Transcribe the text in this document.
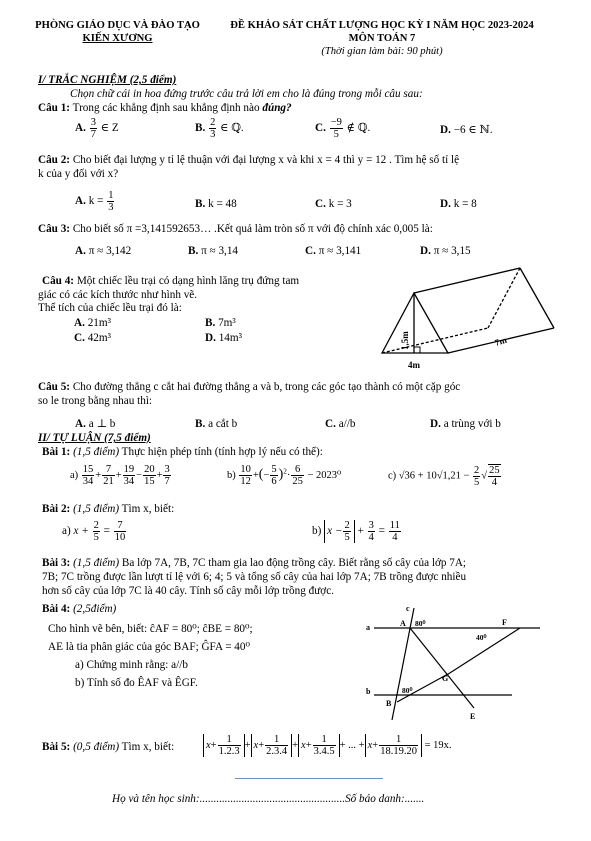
PHÒNG GIÁO DỤC VÀ ĐÀO TẠO
KIẾN XƯƠNG
ĐỀ KHẢO SÁT CHẤT LƯỢNG HỌC KỲ I NĂM HỌC 2023-2024
MÔN TOÁN 7
(Thời gian làm bài: 90 phút)
I/ TRẮC NGHIỆM (2,5 điểm)
Chọn chữ cái in hoa đứng trước câu trả lời em cho là đúng trong mỗi câu sau:
Câu 1: Trong các khẳng định sau khẳng định nào đúng?
A. $\frac{3}{7}$ ∈ Z	B. $\frac{2}{3}$ ∈ ℚ.	C. $\frac{-9}{5}$ ∉ ℚ.	D. −6 ∈ ℕ.
Câu 2: Cho biết đại lượng y tỉ lệ thuận với đại lượng x và khi x = 4 thì y = 12 . Tìm hệ số tỉ lệ
k của y đối với x?
A. $k = \frac{1}{3}$	B. k = 48	C. k = 3	D. k = 8
Câu 3: Cho biết số π =3,141592653… .Kết quả làm tròn số π với độ chính xác 0,005 là:
A. π ≈ 3,142	B. π ≈ 3,14	C. π ≈ 3,141	D. π ≈ 3,15
Câu 4: Một chiếc lều trại có dạng hình lăng trụ đứng tam
giác có các kích thước như hình vẽ.
Thể tích của chiếc lều trại đó là:
A. 21m³	B. 7m³
C. 42m³	D. 14m³	1,5m
4m
7m
Câu 5: Cho đường thẳng c cắt hai đường thẳng a và b, trong các góc tạo thành có một cặp góc
so le trong bằng nhau thì:
A. a ⊥ b	B. a cắt b	C. a//b	D. a trùng với b
II/ TỰ LUẬN (7,5 điểm)
Bài 1: (1,5 điểm) Thực hiện phép tính (tính hợp lý nếu có thể):
$a) \frac{15}{34} + \frac{7}{21} + \frac{19}{34} - \frac{20}{15} + \frac{3}{7}$	$b) \frac{10}{12}$ +(− $\frac{5}{6} )^2\cdot \frac{6}{25} - 2023^0$	c) $√36 + 10√1,21 - \frac{2}{5}$ √ $\frac{25}{4}$
Bài 2: (1,5 điểm) Tìm x, biết:
a) $x + \frac{2}{5} = \frac{7}{10}$	b) $x - \frac{2}{5} + \frac{3}{4} = \frac{11}{4}$
Bài 3: (1,5 điểm) Ba lớp 7A, 7B, 7C tham gia lao động trồng cây. Biết rằng số cây của lớp 7A;
7B; 7C trồng được lần lượt tỉ lệ với 6; 4; 5 và tổng số cây của hai lớp 7A; 7B trồng được nhiều
hơn số cây của lớp 7C là 40 cây. Tính số cây mỗi lớp trồng được.
Bài 4: (2,5điểm)
Cho hình vẽ bên, biết: ĉAF = 80⁰; ĉBE = 80⁰;
AE là tia phân giác của góc BAF; ĜFA = 40⁰
a) Chứng minh rằng: a//b
b) Tính số đo ÊAF và ÊGF.
c
a
b
A
B
E
F
G
80⁰
40⁰
80⁰
Bài 5: (0,5 điểm) Tìm x, biết:	$x+ \frac{1}{1.2.3} + x+ \frac{1}{2.3.4} + x+ \frac{1}{3.4.5}$ + ... + $x+ \frac{1}{18.19.20} = 19x$.
Họ và tên học sinh:....................................................Số báo danh:.......
